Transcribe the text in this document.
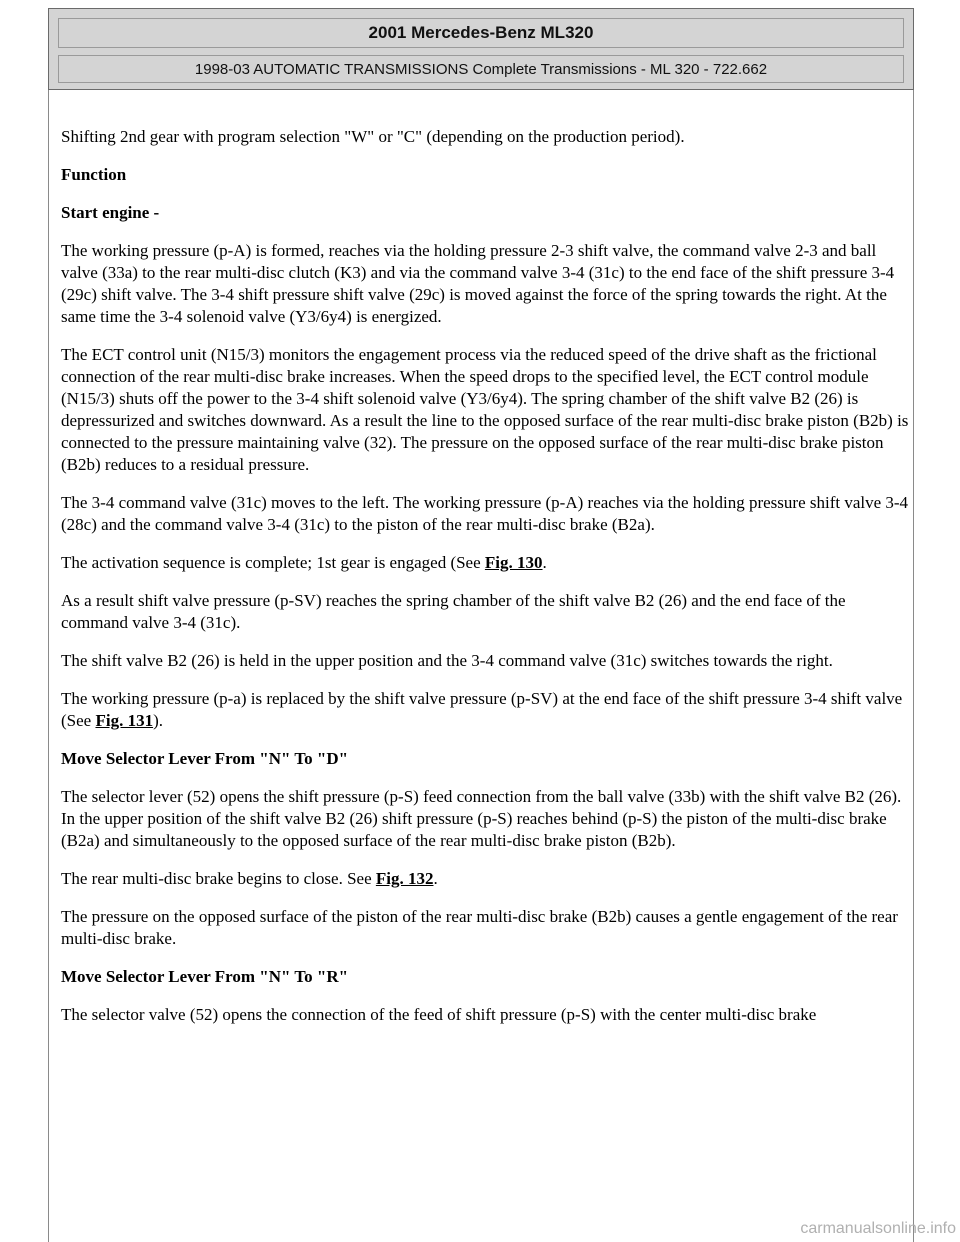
2001 Mercedes-Benz ML320
1998-03 AUTOMATIC TRANSMISSIONS Complete Transmissions - ML 320 - 722.662

Shifting 2nd gear with program selection "W" or "C" (depending on the production period).

Function

Start engine -

The working pressure (p-A) is formed, reaches via the holding pressure 2-3 shift valve, the command valve 2-3 and ball valve (33a) to the rear multi-disc clutch (K3) and via the command valve 3-4 (31c) to the end face of the shift pressure 3-4 (29c) shift valve. The 3-4 shift pressure shift valve (29c) is moved against the force of the spring towards the right. At the same time the 3-4 solenoid valve (Y3/6y4) is energized.

The ECT control unit (N15/3) monitors the engagement process via the reduced speed of the drive shaft as the frictional connection of the rear multi-disc brake increases. When the speed drops to the specified level, the ECT control module (N15/3) shuts off the power to the 3-4 shift solenoid valve (Y3/6y4). The spring chamber of the shift valve B2 (26) is depressurized and switches downward. As a result the line to the opposed surface of the rear multi-disc brake piston (B2b) is connected to the pressure maintaining valve (32). The pressure on the opposed surface of the rear multi-disc brake piston (B2b) reduces to a residual pressure.

The 3-4 command valve (31c) moves to the left. The working pressure (p-A) reaches via the holding pressure shift valve 3-4 (28c) and the command valve 3-4 (31c) to the piston of the rear multi-disc brake (B2a).

The activation sequence is complete; 1st gear is engaged (See Fig. 130.

As a result shift valve pressure (p-SV) reaches the spring chamber of the shift valve B2 (26) and the end face of the command valve 3-4 (31c).

The shift valve B2 (26) is held in the upper position and the 3-4 command valve (31c) switches towards the right.

The working pressure (p-a) is replaced by the shift valve pressure (p-SV) at the end face of the shift pressure 3-4 shift valve (See Fig. 131).

Move Selector Lever From "N" To "D"

The selector lever (52) opens the shift pressure (p-S) feed connection from the ball valve (33b) with the shift valve B2 (26). In the upper position of the shift valve B2 (26) shift pressure (p-S) reaches behind (p-S) the piston of the multi-disc brake (B2a) and simultaneously to the opposed surface of the rear multi-disc brake piston (B2b).

The rear multi-disc brake begins to close. See Fig. 132.

The pressure on the opposed surface of the piston of the rear multi-disc brake (B2b) causes a gentle engagement of the rear multi-disc brake.

Move Selector Lever From "N" To "R"

The selector valve (52) opens the connection of the feed of shift pressure (p-S) with the center multi-disc brake

carmanualsonline.info
